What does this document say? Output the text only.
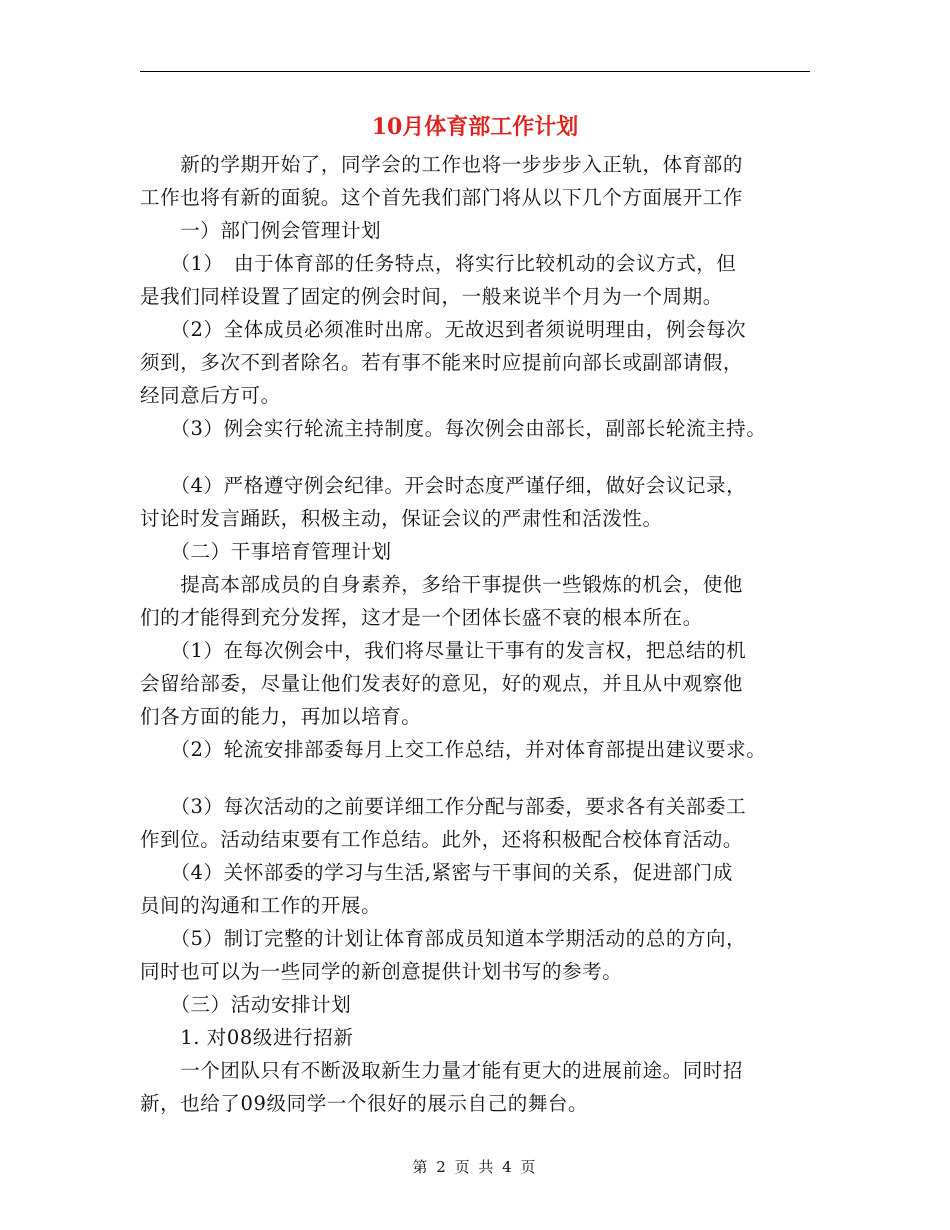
10月体育部工作计划
　　新的学期开始了，同学会的工作也将一步步步入正轨，体育部的
工作也将有新的面貌。这个首先我们部门将从以下几个方面展开工作
　　一）部门例会管理计划
　　（1）　由于体育部的任务特点，将实行比较机动的会议方式，但
是我们同样设置了固定的例会时间，一般来说半个月为一个周期。
　　（2）全体成员必须准时出席。无故迟到者须说明理由，例会每次
须到，多次不到者除名。若有事不能来时应提前向部长或副部请假，
经同意后方可。
　　（3）例会实行轮流主持制度。每次例会由部长，副部长轮流主持。
　　（4）严格遵守例会纪律。开会时态度严谨仔细，做好会议记录，
讨论时发言踊跃，积极主动，保证会议的严肃性和活泼性。
　　（二）干事培育管理计划
　　提高本部成员的自身素养，多给干事提供一些锻炼的机会，使他
们的才能得到充分发挥，这才是一个团体长盛不衰的根本所在。
　　（1）在每次例会中，我们将尽量让干事有的发言权，把总结的机
会留给部委，尽量让他们发表好的意见，好的观点，并且从中观察他
们各方面的能力，再加以培育。
　　（2）轮流安排部委每月上交工作总结，并对体育部提出建议要求。
　　（3）每次活动的之前要详细工作分配与部委，要求各有关部委工
作到位。活动结束要有工作总结。此外，还将积极配合校体育活动。
　　（4）关怀部委的学习与生活,紧密与干事间的关系，促进部门成
员间的沟通和工作的开展。
　　（5）制订完整的计划让体育部成员知道本学期活动的总的方向，
同时也可以为一些同学的新创意提供计划书写的参考。
　　（三）活动安排计划
　　1. 对08级进行招新
　　一个团队只有不断汲取新生力量才能有更大的进展前途。同时招
新，也给了09级同学一个很好的展示自己的舞台。
第 2 页 共 4 页
